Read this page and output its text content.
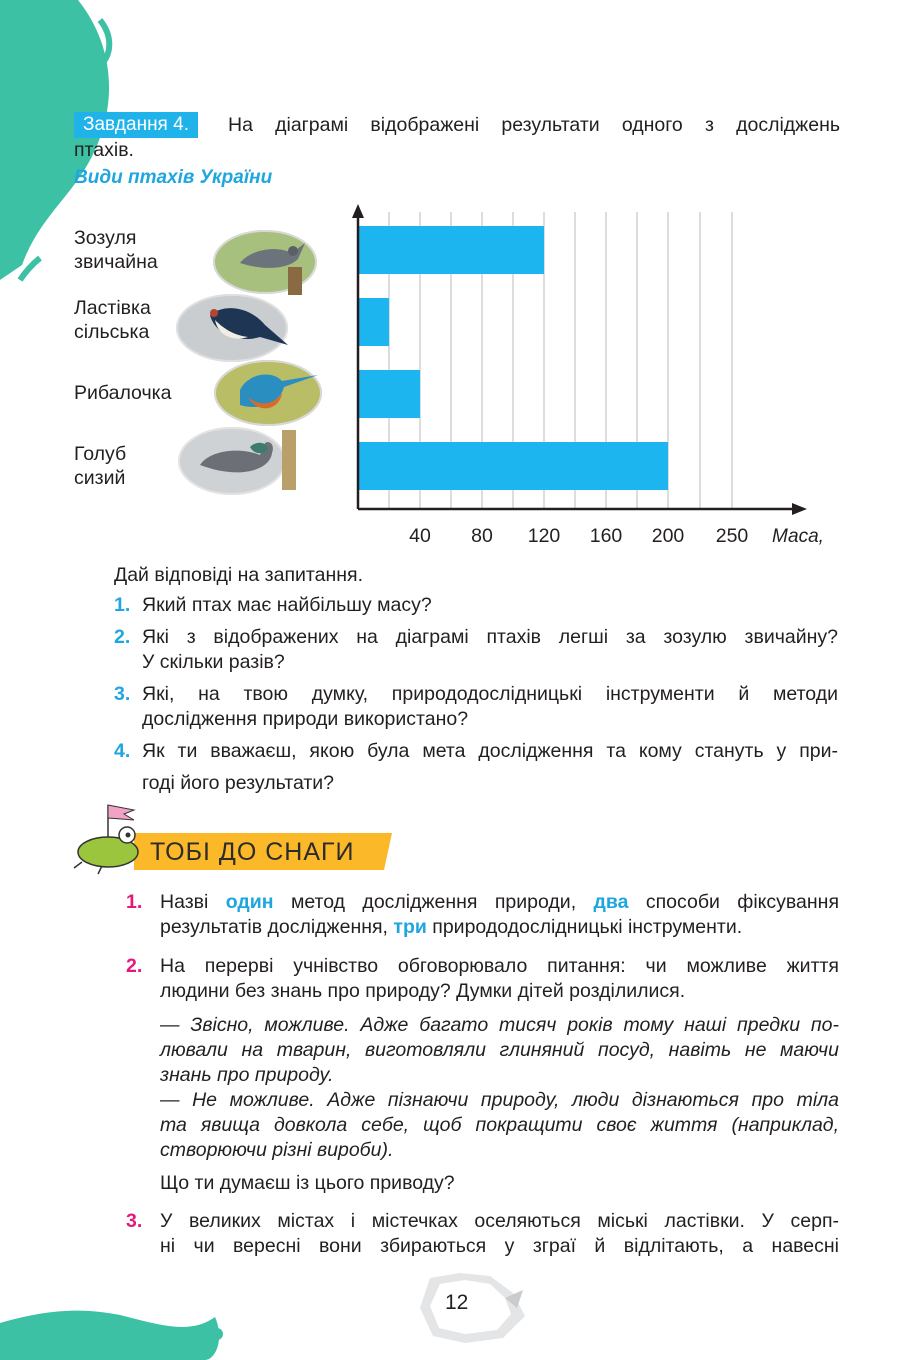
Завдання 4.	На діаграмі відображені результати одного з досліджень
птахів.
Види птахів України
Зозуля
звичайна
Ластівка
сільська
Рибалочка
Голуб
сизий
40 80 120 160 200 250 Маса,
Дай відповіді на запитання.
1. Який птах має найбільшу масу?
2. Які з відображених на діаграмі птахів легші за зозулю звичайну?
У скільки разів?
3. Які, на твою думку, природодослідницькі інструменти й методи
дослідження природи використано?
4. Як ти вважаєш, якою була мета дослідження та кому стануть у при-
годі його результати?
ТОБІ ДО СНАГИ
1. Назві один метод дослідження природи, два способи фіксування
результатів дослідження, три природодослідницькі інструменти.
2. На перерві учнівство обговорювало питання: чи можливе життя
людини без знань про природу? Думки дітей розділилися.
— Звісно, можливе. Адже багато тисяч років тому наші предки по-
лювали на тварин, виготовляли глиняний посуд, навіть не маючи
знань про природу.
— Не можливе. Адже пізнаючи природу, люди дізнаються про тіла
та явища довкола себе, щоб покращити своє життя (наприклад,
створюючи різні вироби).
Що ти думаєш із цього приводу?
3. У великих містах і містечках оселяються міські ластівки. У серп-
ні чи вересні вони збираються у зграї й відлітають, а навесні
12
